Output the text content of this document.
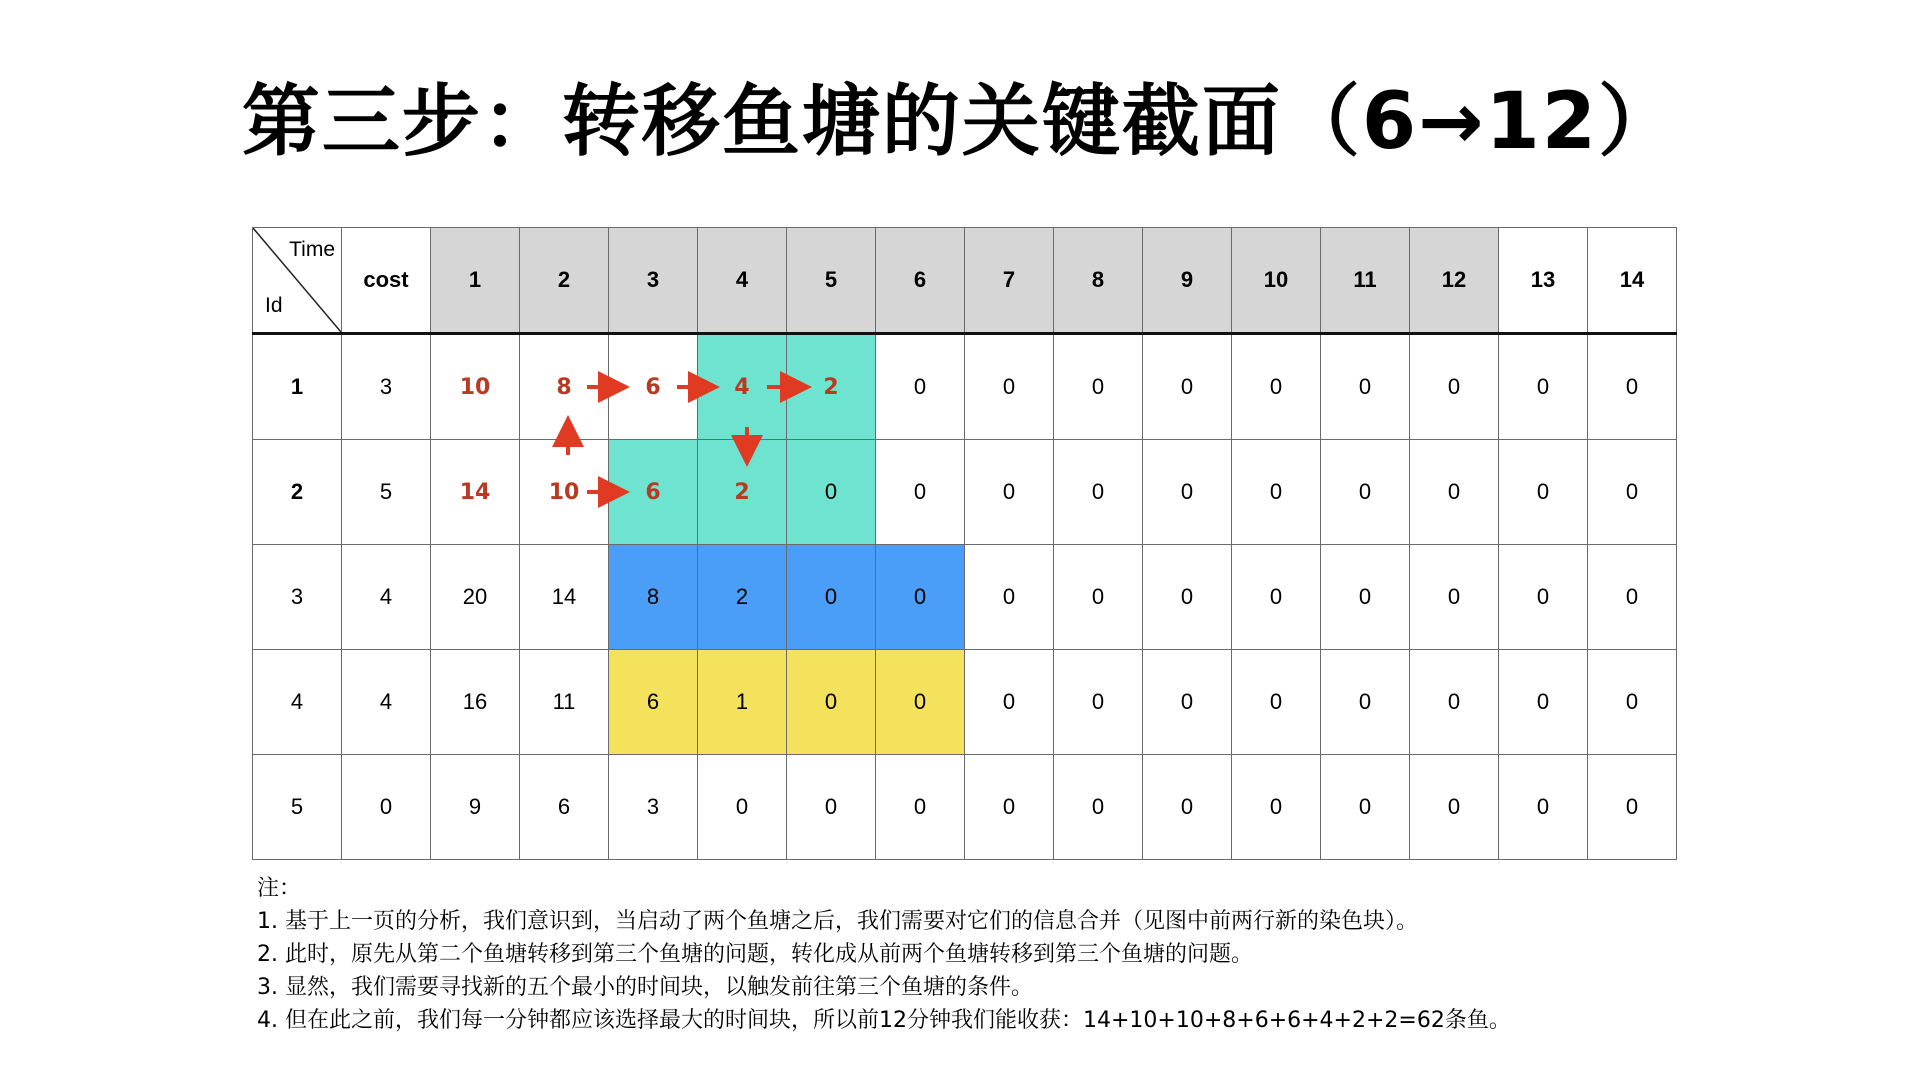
第三步：转移鱼塘的关键截面（6→12）
Time
Id	cost	1	2	3	4	5	6	7	8	9	10	11	12	13	14
1	3	10	8	6	4	2	0	0	0	0	0	0	0	0	0
2	5	14	10	6	2	0	0	0	0	0	0	0	0	0	0
3	4	20	14	8	2	0	0	0	0	0	0	0	0	0	0
4	4	16	11	6	1	0	0	0	0	0	0	0	0	0	0
5	0	9	6	3	0	0	0	0	0	0	0	0	0	0	0
注：
1. 基于上一页的分析，我们意识到，当启动了两个鱼塘之后，我们需要对它们的信息合并（见图中前两行新的染色块）。
2. 此时，原先从第二个鱼塘转移到第三个鱼塘的问题，转化成从前两个鱼塘转移到第三个鱼塘的问题。
3. 显然，我们需要寻找新的五个最小的时间块，以触发前往第三个鱼塘的条件。
4. 但在此之前，我们每一分钟都应该选择最大的时间块，所以前12分钟我们能收获：14+10+10+8+6+6+4+2+2=62条鱼。
